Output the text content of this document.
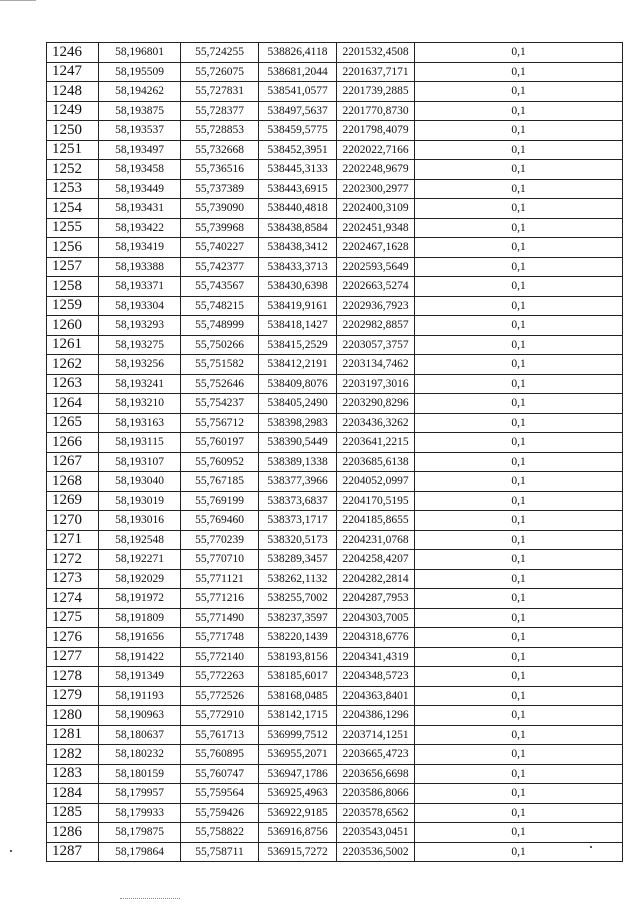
1246	58,196801	55,724255	538826,4118	2201532,4508	0,1
1247	58,195509	55,726075	538681,2044	2201637,7171	0,1
1248	58,194262	55,727831	538541,0577	2201739,2885	0,1
1249	58,193875	55,728377	538497,5637	2201770,8730	0,1
1250	58,193537	55,728853	538459,5775	2201798,4079	0,1
1251	58,193497	55,732668	538452,3951	2202022,7166	0,1
1252	58,193458	55,736516	538445,3133	2202248,9679	0,1
1253	58,193449	55,737389	538443,6915	2202300,2977	0,1
1254	58,193431	55,739090	538440,4818	2202400,3109	0,1
1255	58,193422	55,739968	538438,8584	2202451,9348	0,1
1256	58,193419	55,740227	538438,3412	2202467,1628	0,1
1257	58,193388	55,742377	538433,3713	2202593,5649	0,1
1258	58,193371	55,743567	538430,6398	2202663,5274	0,1
1259	58,193304	55,748215	538419,9161	2202936,7923	0,1
1260	58,193293	55,748999	538418,1427	2202982,8857	0,1
1261	58,193275	55,750266	538415,2529	2203057,3757	0,1
1262	58,193256	55,751582	538412,2191	2203134,7462	0,1
1263	58,193241	55,752646	538409,8076	2203197,3016	0,1
1264	58,193210	55,754237	538405,2490	2203290,8296	0,1
1265	58,193163	55,756712	538398,2983	2203436,3262	0,1
1266	58,193115	55,760197	538390,5449	2203641,2215	0,1
1267	58,193107	55,760952	538389,1338	2203685,6138	0,1
1268	58,193040	55,767185	538377,3966	2204052,0997	0,1
1269	58,193019	55,769199	538373,6837	2204170,5195	0,1
1270	58,193016	55,769460	538373,1717	2204185,8655	0,1
1271	58,192548	55,770239	538320,5173	2204231,0768	0,1
1272	58,192271	55,770710	538289,3457	2204258,4207	0,1
1273	58,192029	55,771121	538262,1132	2204282,2814	0,1
1274	58,191972	55,771216	538255,7002	2204287,7953	0,1
1275	58,191809	55,771490	538237,3597	2204303,7005	0,1
1276	58,191656	55,771748	538220,1439	2204318,6776	0,1
1277	58,191422	55,772140	538193,8156	2204341,4319	0,1
1278	58,191349	55,772263	538185,6017	2204348,5723	0,1
1279	58,191193	55,772526	538168,0485	2204363,8401	0,1
1280	58,190963	55,772910	538142,1715	2204386,1296	0,1
1281	58,180637	55,761713	536999,7512	2203714,1251	0,1
1282	58,180232	55,760895	536955,2071	2203665,4723	0,1
1283	58,180159	55,760747	536947,1786	2203656,6698	0,1
1284	58,179957	55,759564	536925,4963	2203586,8066	0,1
1285	58,179933	55,759426	536922,9185	2203578,6562	0,1
1286	58,179875	55,758822	536916,8756	2203543,0451	0,1
1287	58,179864	55,758711	536915,7272	2203536,5002	0,1
